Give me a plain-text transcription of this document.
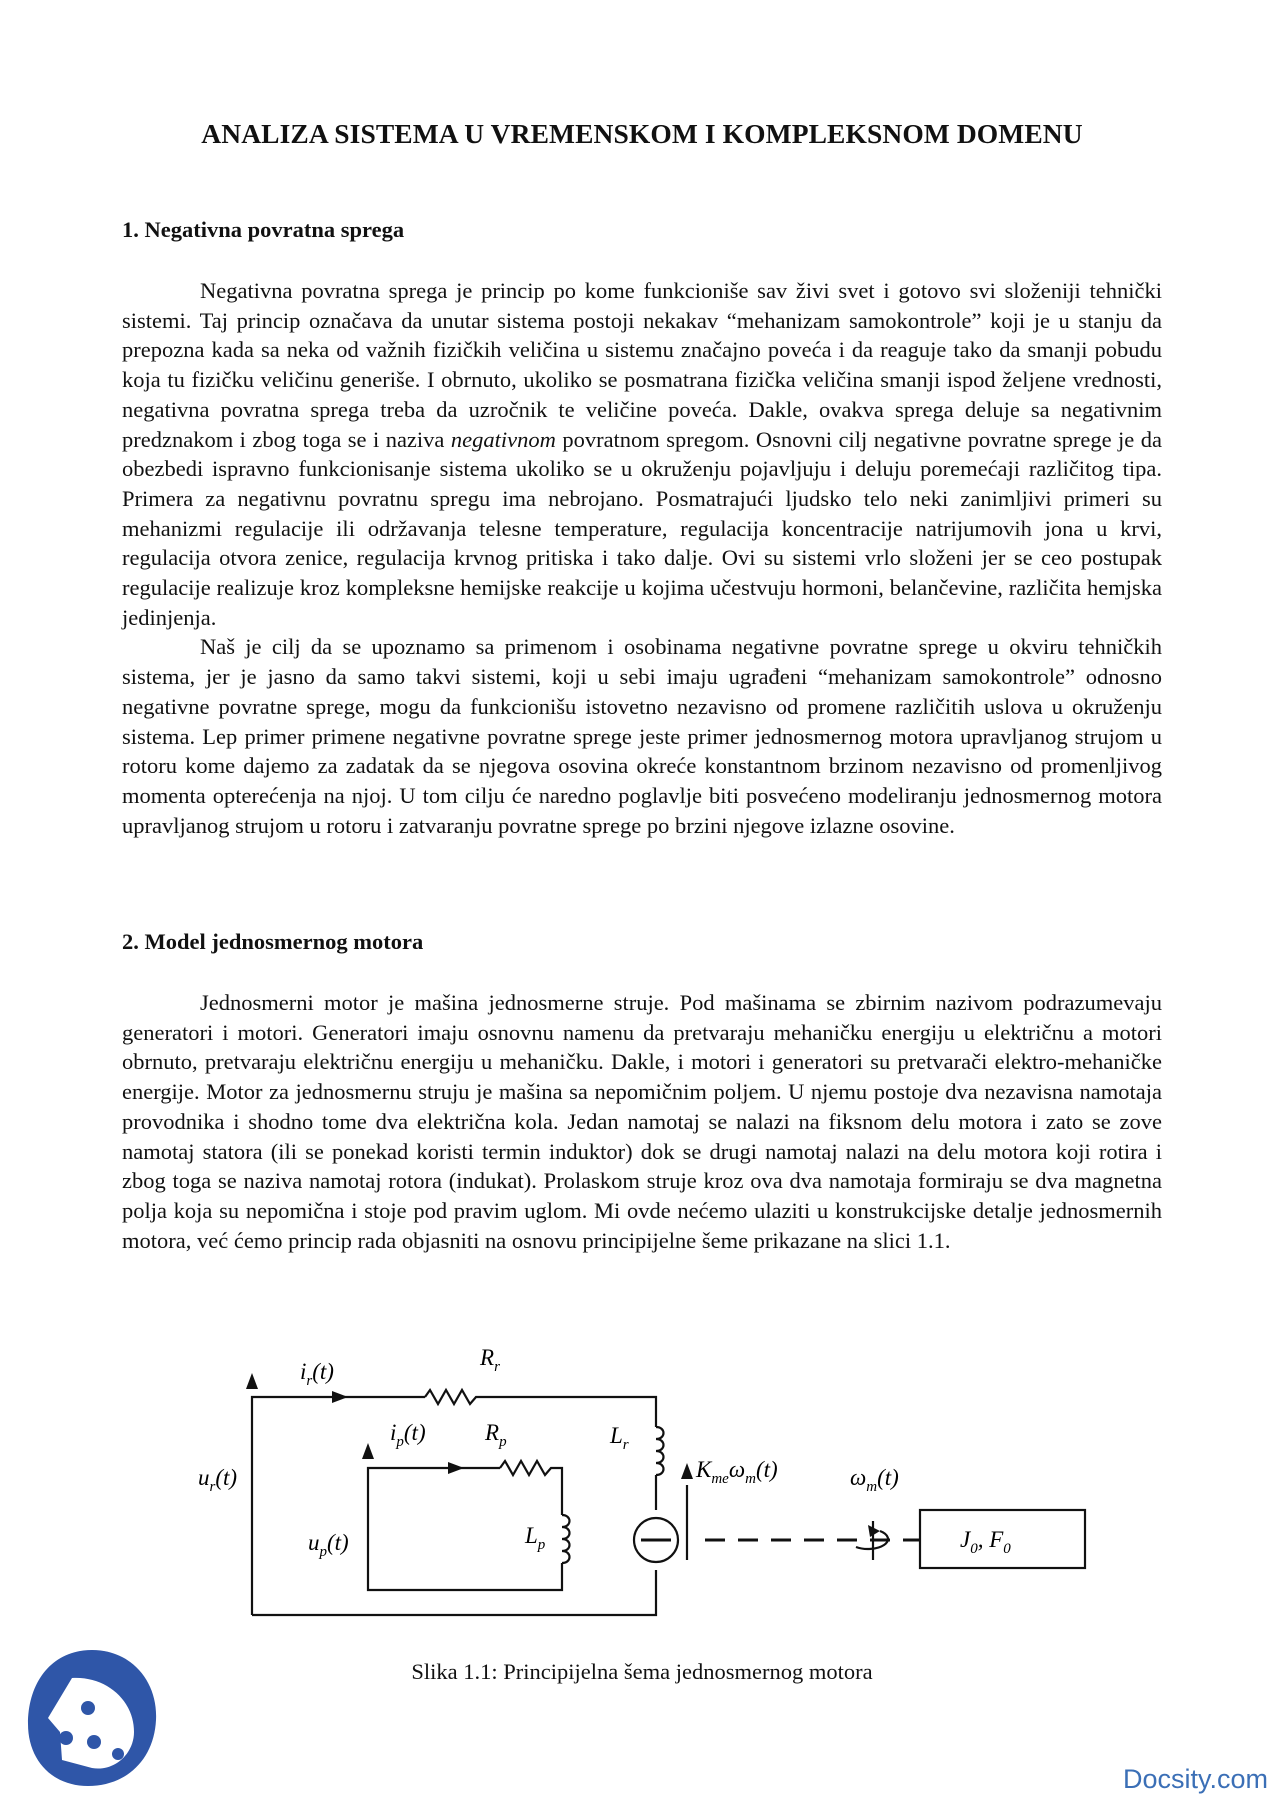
ANALIZA SISTEMA U VREMENSKOM I KOMPLEKSNOM DOMENU
1. Negativna povratna sprega

Negativna povratna sprega je princip po kome funkcioniše sav živi svet i gotovo svi složeniji tehnički sistemi. Taj princip označava da unutar sistema postoji nekakav “mehanizam samokontrole” koji je u stanju da prepozna kada sa neka od važnih fizičkih veličina u sistemu značajno poveća i da reaguje tako da smanji pobudu koja tu fizičku veličinu generiše. I obrnuto, ukoliko se posmatrana fizička veličina smanji ispod željene vrednosti, negativna povratna sprega treba da uzročnik te veličine poveća. Dakle, ovakva sprega deluje sa negativnim predznakom i zbog toga se i naziva negativnom povratnom spregom. Osnovni cilj negativne povratne sprege je da obezbedi ispravno funkcionisanje sistema ukoliko se u okruženju pojavljuju i deluju poremećaji različitog tipa. Primera za negativnu povratnu spregu ima nebrojano. Posmatrajući ljudsko telo neki zanimljivi primeri su mehanizmi regulacije ili održavanja telesne temperature, regulacija koncentracije natrijumovih jona u krvi, regulacija otvora zenice, regulacija krvnog pritiska i tako dalje. Ovi su sistemi vrlo složeni jer se ceo postupak regulacije realizuje kroz kompleksne hemijske reakcije u kojima učestvuju hormoni, belančevine, različita hemjska jedinjenja.

Naš je cilj da se upoznamo sa primenom i osobinama negativne povratne sprege u okviru tehničkih sistema, jer je jasno da samo takvi sistemi, koji u sebi imaju ugrađeni “mehanizam samokontrole” odnosno negativne povratne sprege, mogu da funkcionišu istovetno nezavisno od promene različitih uslova u okruženju sistema. Lep primer primene negativne povratne sprege jeste primer jednosmernog motora upravljanog strujom u rotoru kome dajemo za zadatak da se njegova osovina okreće konstantnom brzinom nezavisno od promenljivog momenta opterećenja na njoj. U tom cilju će naredno poglavlje biti posvećeno modeliranju jednosmernog motora upravljanog strujom u rotoru i zatvaranju povratne sprege po brzini njegove izlazne osovine.

2. Model jednosmernog motora

Jednosmerni motor je mašina jednosmerne struje. Pod mašinama se zbirnim nazivom podrazumevaju generatori i motori. Generatori imaju osnovnu namenu da pretvaraju mehaničku energiju u električnu a motori obrnuto, pretvaraju električnu energiju u mehaničku. Dakle, i motori i generatori su pretvarači elektro-mehaničke energije. Motor za jednosmernu struju je mašina sa nepomičnim poljem. U njemu postoje dva nezavisna namotaja provodnika i shodno tome dva električna kola. Jedan namotaj se nalazi na fiksnom delu motora i zato se zove namotaj statora (ili se ponekad koristi termin induktor) dok se drugi namotaj nalazi na delu motora koji rotira i zbog toga se naziva namotaj rotora (indukat). Prolaskom struje kroz ova dva namotaja formiraju se dva magnetna polja koja su nepomična i stoje pod pravim uglom. Mi ovde nećemo ulaziti u konstrukcijske detalje jednosmernih motora, već ćemo princip rada objasniti na osnovu principijelne šeme prikazane na slici 1.1.

$i_r(t)$
$R_r$
$i_p(t)$	$R_p$	$L_r$
$u_r(t)$
$u_p(t)$	$L_p$
$K_{me}\omega_m(t)$	$\omega_m(t)$
$J_0$, $F_0$

Slika 1.1: Principijelna šema jednosmernog motora

Docsity.com
